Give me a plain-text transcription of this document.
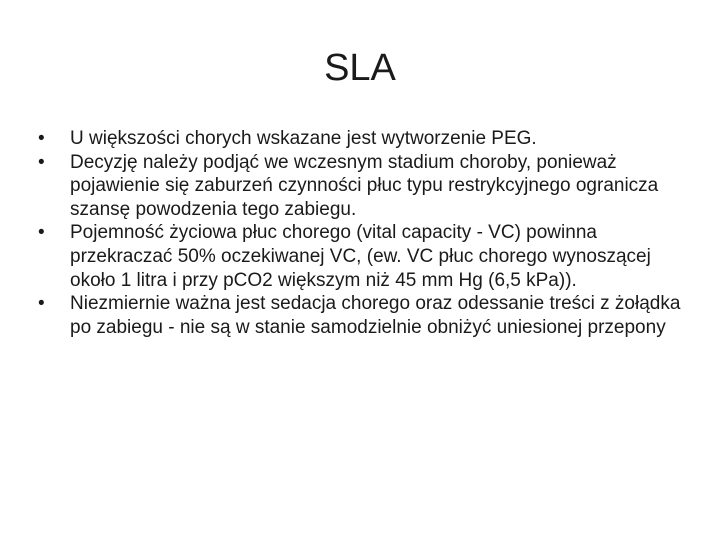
SLA
•	U większości chorych wskazane jest wytworzenie PEG.
•	Decyzję należy podjąć we wczesnym stadium choroby, ponieważ pojawienie się zaburzeń czynności płuc typu restrykcyjnego ogranicza szansę powodzenia tego zabiegu.
•	Pojemność życiowa płuc chorego (vital capacity - VC) powinna przekraczać 50% oczekiwanej VC, (ew. VC płuc chorego wynoszącej około 1 litra i przy pCO2 większym niż 45 mm Hg (6,5 kPa)).
•	Niezmiernie ważna jest sedacja chorego oraz odessanie treści z żołądka po zabiegu - nie są w stanie samodzielnie obniżyć uniesionej przepony
